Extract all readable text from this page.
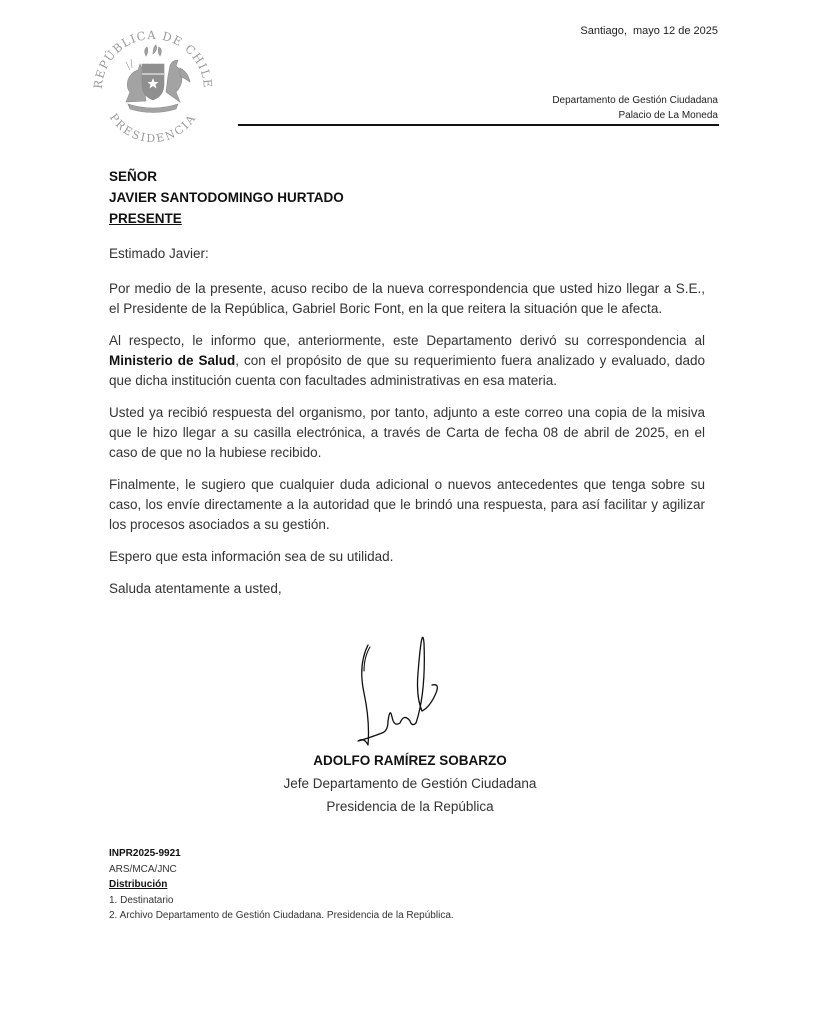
REPÚBLICA DE CHILE
PRESIDENCIA
Santiago,  mayo 12 de 2025
Departamento de Gestión Ciudadana
Palacio de La Moneda
SEÑOR
JAVIER SANTODOMINGO HURTADO
PRESENTE

Estimado Javier:

Por medio de la presente, acuso recibo de la nueva correspondencia que usted hizo llegar a S.E., el Presidente de la República, Gabriel Boric Font, en la que reitera la situación que le afecta.

Al respecto, le informo que, anteriormente, este Departamento derivó su correspondencia al Ministerio de Salud, con el propósito de que su requerimiento fuera analizado y evaluado, dado que dicha institución cuenta con facultades administrativas en esa materia.

Usted ya recibió respuesta del organismo, por tanto, adjunto a este correo una copia de la misiva que le hizo llegar a su casilla electrónica, a través de Carta de fecha 08 de abril de 2025, en el caso de que no la hubiese recibido.

Finalmente, le sugiero que cualquier duda adicional o nuevos antecedentes que tenga sobre su caso, los envíe directamente a la autoridad que le brindó una respuesta, para así facilitar y agilizar los procesos asociados a su gestión.

Espero que esta información sea de su utilidad.

Saluda atentamente a usted,

ADOLFO RAMÍREZ SOBARZO
Jefe Departamento de Gestión Ciudadana
Presidencia de la República
INPR2025-9921
ARS/MCA/JNC
Distribución
1. Destinatario
2. Archivo Departamento de Gestión Ciudadana. Presidencia de la República.
